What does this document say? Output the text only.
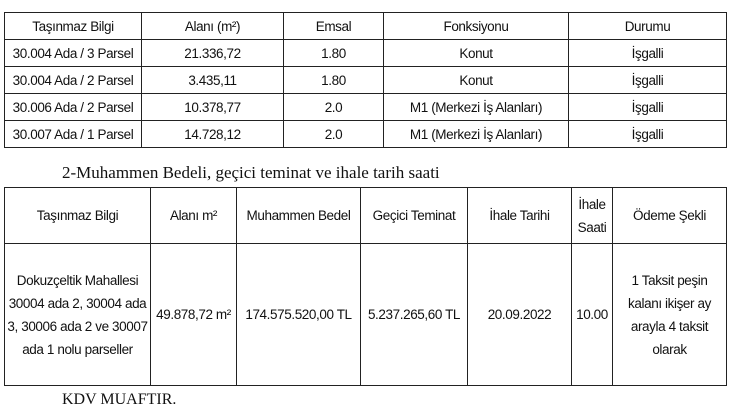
Taşınmaz Bilgi	Alanı (m²)	Emsal	Fonksiyonu	Durumu
30.004 Ada / 3 Parsel	21.336,72	1.80	Konut	İşgalli
30.004 Ada / 2 Parsel	3.435,11	1.80	Konut	İşgalli
30.006 Ada / 2 Parsel	10.378,77	2.0	M1 (Merkezi İş Alanları)	İşgalli
30.007 Ada / 1 Parsel	14.728,12	2.0	M1 (Merkezi İş Alanları)	İşgalli
2-Muhammen Bedeli, geçici teminat ve ihale tarih saati
Taşınmaz Bilgi	Alanı m²	Muhammen Bedel	Geçici Teminat	İhale Tarihi	İhale Saati	Ödeme Şekli
Dokuzçeltik Mahallesi 30004 ada 2, 30004 ada 3, 30006 ada 2 ve 30007 ada 1 nolu parseller	49.878,72 m²	174.575.520,00 TL	5.237.265,60 TL	20.09.2022	10.00	1 Taksit peşin kalanı ikişer ay arayla 4 taksit olarak
KDV MUAFTIR.
